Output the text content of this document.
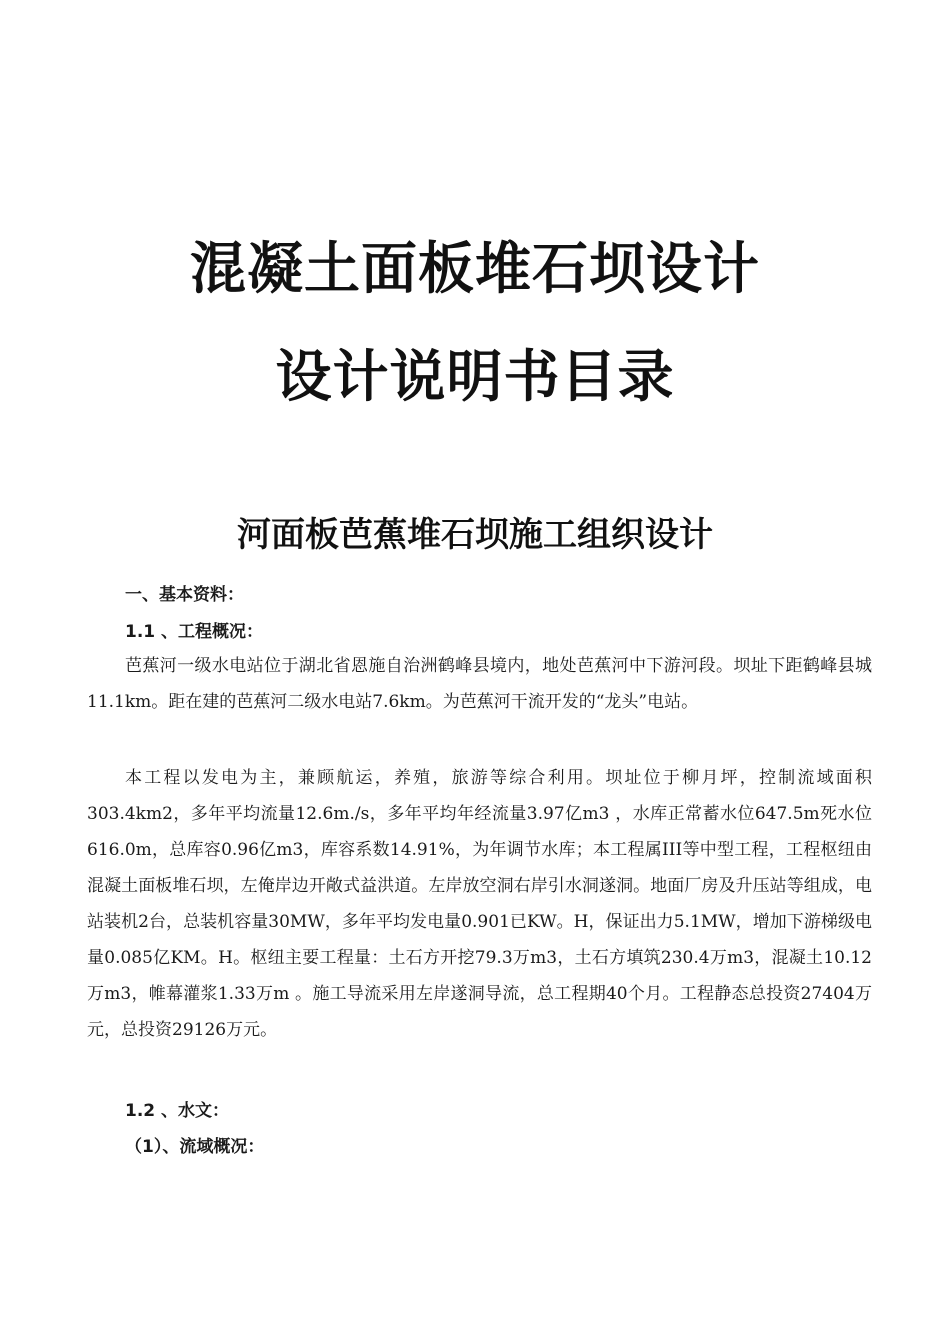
混凝土面板堆石坝设计
设计说明书目录
河面板芭蕉堆石坝施工组织设计
一、基本资料：
1.1 、工程概况：

芭蕉河一级水电站位于湖北省恩施自治洲鹤峰县境内，地处芭蕉河中下游河段。坝址下距鹤峰县城11.1km。距在建的芭蕉河二级水电站7.6km。为芭蕉河干流开发的“龙头”电站。

本工程以发电为主，兼顾航运，养殖，旅游等综合利用。坝址位于柳月坪，控制流域面积303.4km2，多年平均流量12.6m./s，多年平均年经流量3.97亿m3 ，水库正常蓄水位647.5m死水位616.0m，总库容0.96亿m3，库容系数14.91%，为年调节水库；本工程属III等中型工程，工程枢纽由混凝土面板堆石坝，左俺岸边开敞式益洪道。左岸放空洞右岸引水洞遂洞。地面厂房及升压站等组成，电站装机2台，总装机容量30MW，多年平均发电量0.901已KW。H，保证出力5.1MW，增加下游梯级电量0.085亿KM。H。枢纽主要工程量：土石方开挖79.3万m3，土石方填筑230.4万m3，混凝土10.12万m3，帷幕灌浆1.33万m 。施工导流采用左岸遂洞导流，总工程期40个月。工程静态总投资27404万元，总投资29126万元。

1.2 、水文：
（1）、流域概况：
